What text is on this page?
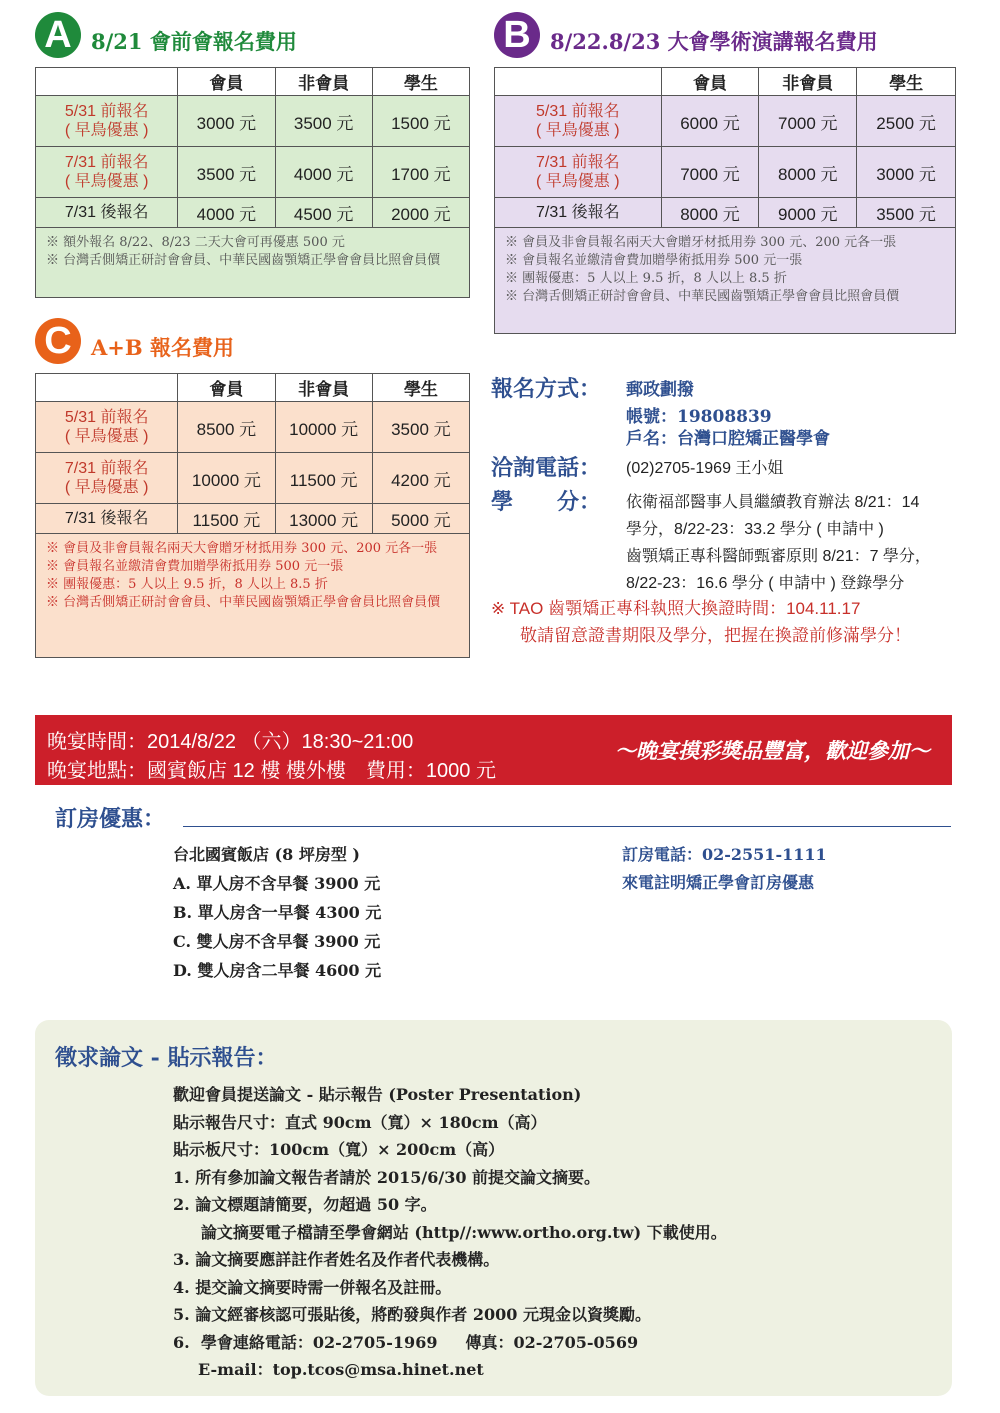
A 8/21 會前會報名費用
	會員	非會員	學生

5/31 前報名
( 早鳥優惠 )	3000 元	3500 元	1500 元

7/31 前報名
( 早鳥優惠 )	3500 元	4000 元	1700 元
7/31 後報名	4000 元	4500 元	2000 元

※ 額外報名 8/22、8/23 二天大會可再優惠 500 元
※ 台灣舌側矯正研討會會員、中華民國齒顎矯正學會會員比照會員價			
B 8/22.8/23 大會學術演講報名費用
	會員	非會員	學生

5/31 前報名
( 早鳥優惠 )	6000 元	7000 元	2500 元

7/31 前報名
( 早鳥優惠 )	7000 元	8000 元	3000 元
7/31 後報名	8000 元	9000 元	3500 元

※ 會員及非會員報名兩天大會贈牙材抵用券 300 元、200 元各一張
※ 會員報名並繳清會費加贈學術抵用券 500 元一張
※ 團報優惠：5 人以上 9.5 折，8 人以上 8.5 折
※ 台灣舌側矯正研討會會員、中華民國齒顎矯正學會會員比照會員價			
C A+B 報名費用
	會員	非會員	學生

5/31 前報名
( 早鳥優惠 )	8500 元	10000 元	3500 元

7/31 前報名
( 早鳥優惠 )	10000 元	11500 元	4200 元
7/31 後報名	11500 元	13000 元	5000 元

※ 會員及非會員報名兩天大會贈牙材抵用券 300 元、200 元各一張
※ 會員報名並繳清會費加贈學術抵用券 500 元一張
※ 團報優惠：5 人以上 9.5 折，8 人以上 8.5 折
※ 台灣舌側矯正研討會會員、中華民國齒顎矯正學會會員比照會員價			
報名方式： 郵政劃撥
帳號：19808839
戶名：台灣口腔矯正醫學會
洽詢電話： (02)2705-1969 王小姐
學　　分： 依衛福部醫事人員繼續教育辦法 8/21：14
學分，8/22-23：33.2 學分 ( 申請中 )
齒顎矯正專科醫師甄審原則 8/21：7 學分，
8/22-23：16.6 學分 ( 申請中 ) 登錄學分
※ TAO 齒顎矯正專科執照大換證時間：104.11.17
敬請留意證書期限及學分，把握在換證前修滿學分！
晚宴時間：2014/8/22 （六）18:30~21:00
晚宴地點：國賓飯店 12 樓 樓外樓　費用：1000 元
～晚宴摸彩獎品豐富，歡迎參加～
訂房優惠：
台北國賓飯店 (8 坪房型 )
A. 單人房不含早餐 3900 元
B. 單人房含一早餐 4300 元
C. 雙人房不含早餐 3900 元
D. 雙人房含二早餐 4600 元
訂房電話：02-2551-1111
來電註明矯正學會訂房優惠
徵求論文 - 貼示報告：
歡迎會員提送論文 - 貼示報告 (Poster Presentation)
貼示報告尺寸：直式 90cm（寬）× 180cm（高）
貼示板尺寸：100cm（寬）× 200cm（高）
1. 所有參加論文報告者請於 2015/6/30 前提交論文摘要。
2. 論文標題請簡要，勿超過 50 字。
論文摘要電子檔請至學會網站 (http//:www.ortho.org.tw) 下載使用。
3. 論文摘要應詳註作者姓名及作者代表機構。
4. 提交論文摘要時需一併報名及註冊。
5. 論文經審核認可張貼後，將酌發與作者 2000 元現金以資獎勵。
6.  學會連絡電話：02-2705-1969 傳真：02-2705-0569
E-mail：top.tcos@msa.hinet.net
